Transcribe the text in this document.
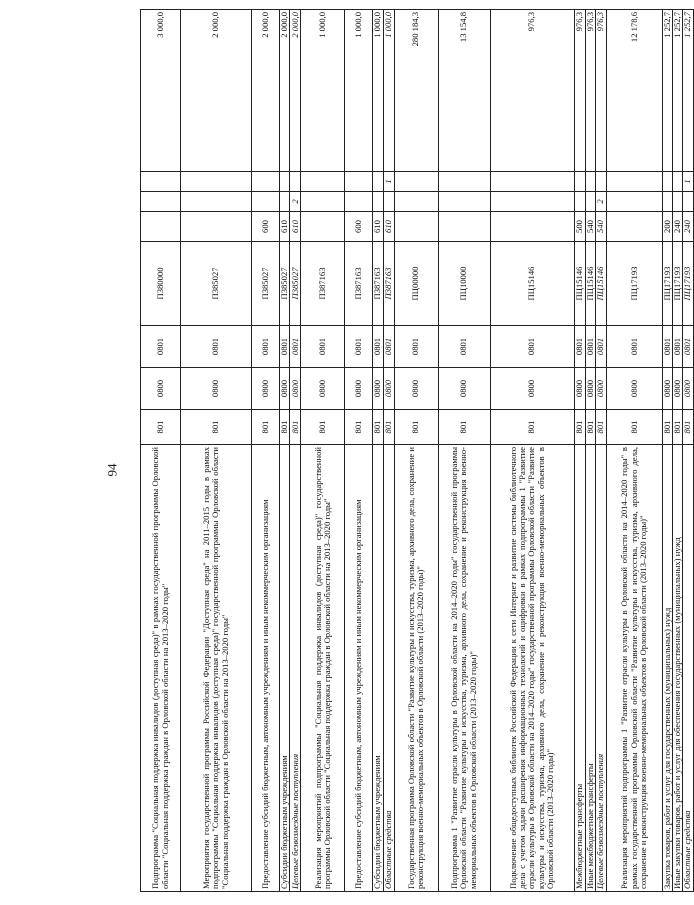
94	Подпрограмма "Социальная поддержка инвалидов (доступная среда)" в рамках государственной программы Орловской области "Социальная поддержка граждан в Орловской области на 2013–2020 годы"	801	0800	0801	П380000				3 000,0
Мероприятия государственной программы Российской Федерации "Доступная среда" на 2011–2015 годы в рамках подпрограммы "Социальная поддержка инвалидов (доступная среда)" государственной программы Орловской области "Социальная поддержка граждан в Орловской области на 2013–2020 годы"	801	0800	0801	П385027				2 000,0
Предоставление субсидий бюджетным, автономным учреждениям и иным некоммерческим организациям	801	0800	0801	П385027	600			2 000,0
Субсидии бюджетным учреждениям	801	0800	0801	П385027	610			2 000,0
Целевые безвозмездные поступления	801	0800	0801	П385027	610	2		2 000,0
Реализация мероприятий подпрограммы "Социальная поддержка инвалидов (доступная среда)" государственной программы Орловской области "Социальная поддержка граждан в Орловской области на 2013–2020 годы"	801	0800	0801	П387163				1 000,0
Предоставление субсидий бюджетным, автономным учреждениям и иным некоммерческим организациям	801	0800	0801	П387163	600			1 000,0
Субсидии бюджетным учреждениям	801	0800	0801	П387163	610			1 000,0
Областные средства	801	0800	0801	П387163	610		1	1 000,0
Государственная программа Орловской области "Развитие культуры и искусства, туризма, архивного дела, сохранение и реконструкция военно-мемориальных объектов в Орловской области (2013–2020 годы)"	801	0800	0801	ПЦ00000				280 184,3
Подпрограмма 1 "Развитие отрасли культуры в Орловской области на 2014–2020 годы" государственной программы Орловской области "Развитие культуры и искусства, туризма, архивного дела, сохранение и реконструкция военно-мемориальных объектов в Орловской области (2013–2020 годы)"	801	0800	0801	ПЦ10000				13 154,8
Подключение общедоступных библиотек Российской Федерации к сети Интернет и развитие системы библиотечного дела с учетом задачи расширения информационных технологий и оцифровки в рамках подпрограммы 1 "Развитие отрасли культуры в Орловской области на 2014–2020 годы" государственной программы Орловской области "Развитие культуры и искусства, туризма, архивного дела, сохранение и реконструкция военно-мемориальных объектов в Орловской области (2013–2020 годы)"	801	0800	0801	ПЦ15146				976,3
Межбюджетные трансферты	801	0800	0801	ПЦ15146	500			976,3
Иные межбюджетные трансферты	801	0800	0801	ПЦ15146	540			976,3
Целевые безвозмездные поступления	801	0800	0801	ПЦ15146	540	2		976,3
Реализация мероприятий подпрограммы 1 "Развитие отрасли культуры в Орловской области на 2014–2020 годы" в рамках государственной программы Орловской области "Развитие культуры и искусства, туризма, архивного дела, сохранение и реконструкция военно-мемориальных объектов в Орловской области (2013–2020 годы)"	801	0800	0801	ПЦ17193				12 178,6
Закупка товаров, работ и услуг для государственных (муниципальных) нужд	801	0800	0801	ПЦ17193	200			1 252,7
Иные закупки товаров, работ и услуг для обеспечения государственных (муниципальных) нужд	801	0800	0801	ПЦ17193	240			1 252,7
Областные средства	801	0800	0801	ПЦ17193	240		1	1 252,7
